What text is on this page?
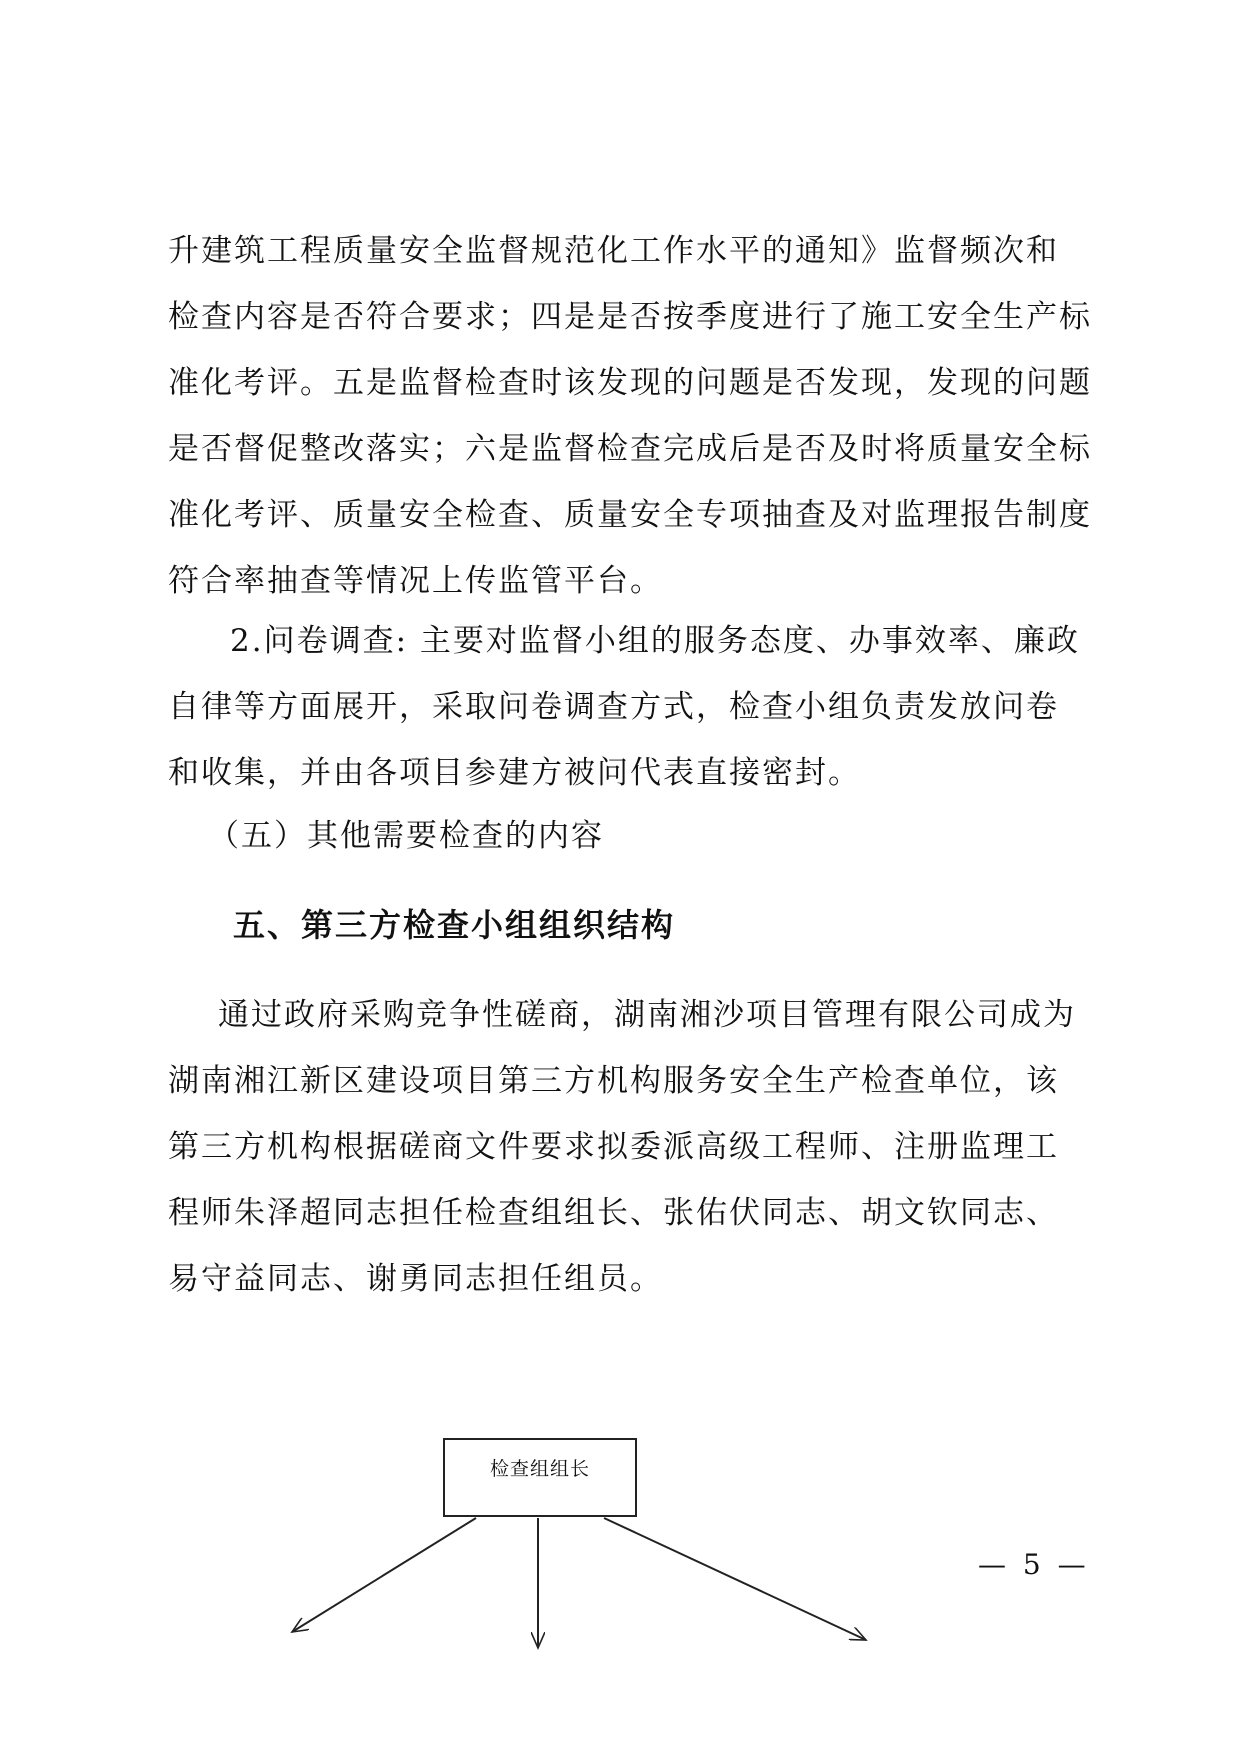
升建筑工程质量安全监督规范化工作水平的通知》监督频次和
检查内容是否符合要求；四是是否按季度进行了施工安全生产标
准化考评。五是监督检查时该发现的问题是否发现，发现的问题
是否督促整改落实；六是监督检查完成后是否及时将质量安全标
准化考评、质量安全检查、质量安全专项抽查及对监理报告制度
符合率抽查等情况上传监管平台。
2.问卷调查: 主要对监督小组的服务态度、办事效率、廉政
自律等方面展开，采取问卷调查方式，检查小组负责发放问卷
和收集，并由各项目参建方被问代表直接密封。
（五）其他需要检查的内容
五、第三方检查小组组织结构
通过政府采购竞争性磋商，湖南湘沙项目管理有限公司成为
湖南湘江新区建设项目第三方机构服务安全生产检查单位，该
第三方机构根据磋商文件要求拟委派高级工程师、注册监理工
程师朱泽超同志担任检查组组长、张佑伏同志、胡文钦同志、
易守益同志、谢勇同志担任组员。
检查组组长
— 5 —
